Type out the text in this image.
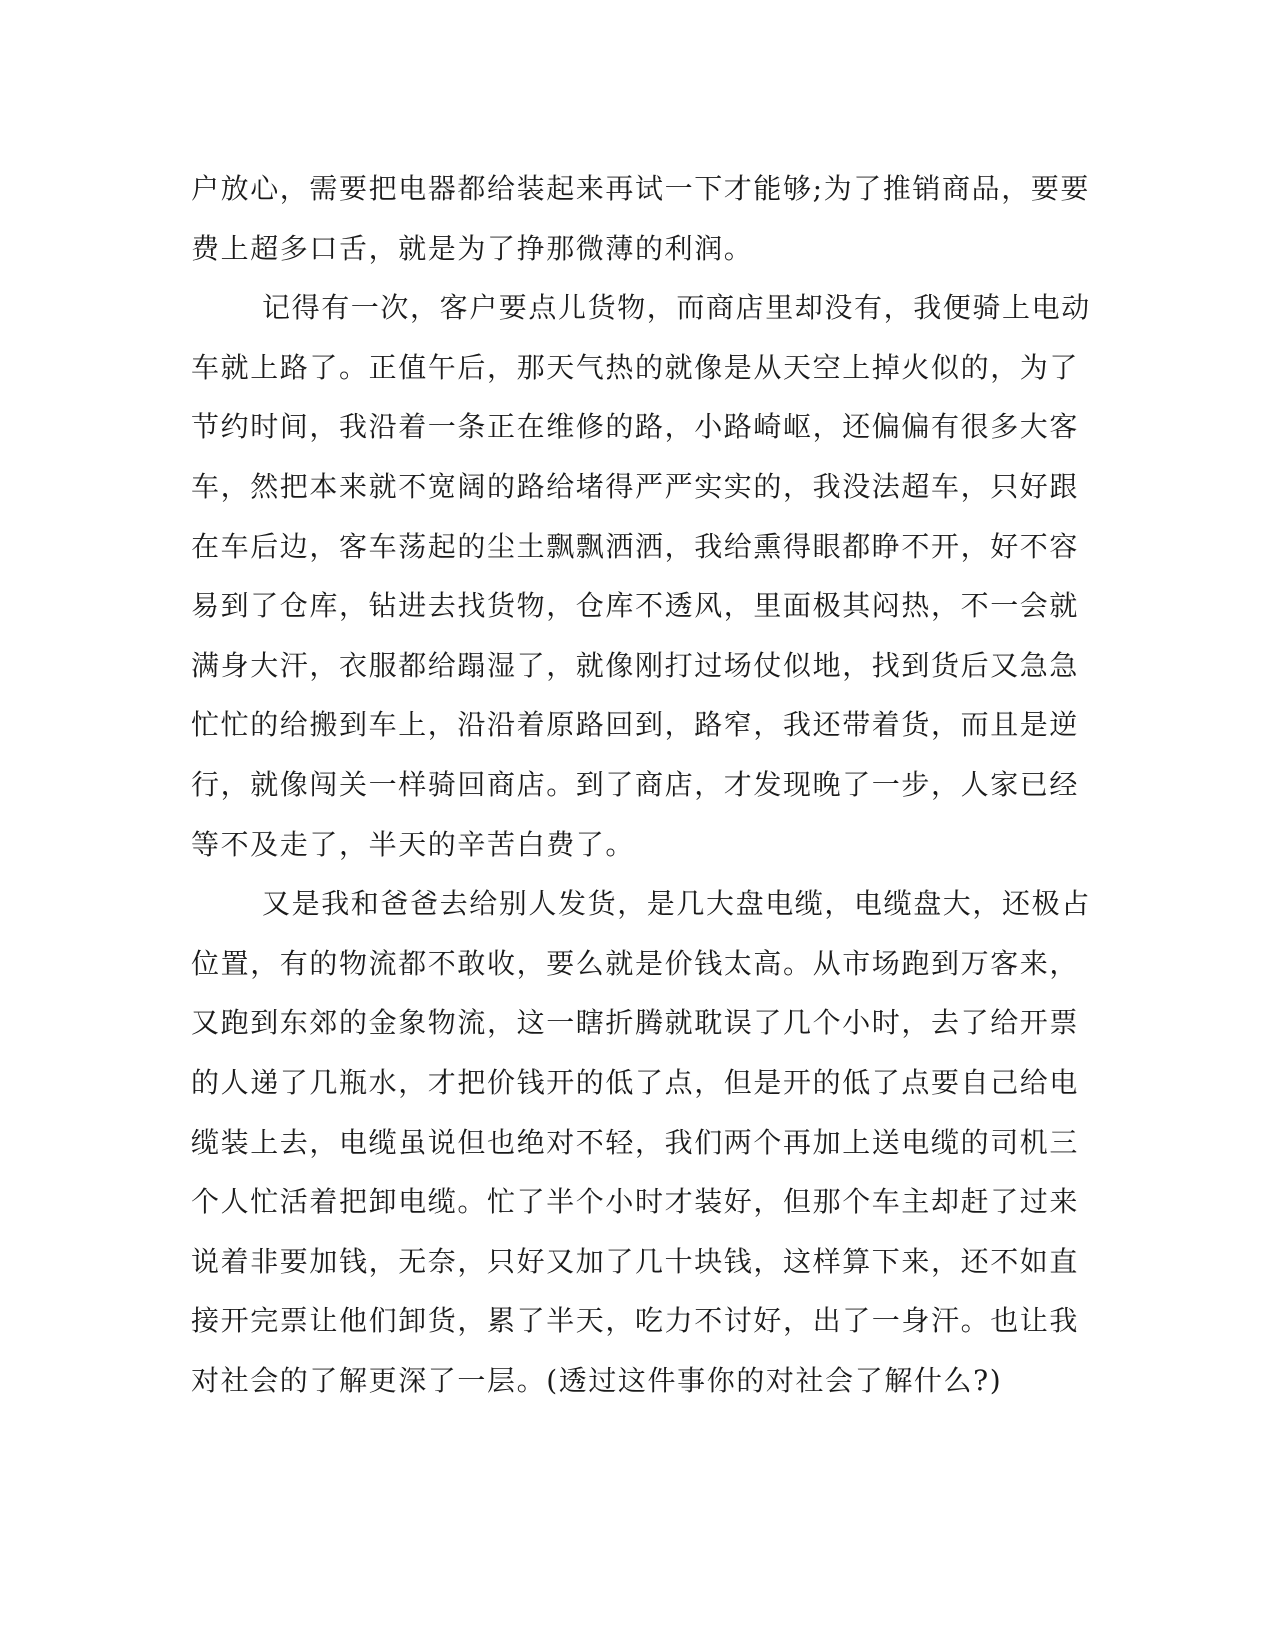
户放心，需要把电器都给装起来再试一下才能够;为了推销商品，要要
费上超多口舌，就是为了挣那微薄的利润。
记得有一次，客户要点儿货物，而商店里却没有，我便骑上电动
车就上路了。正值午后，那天气热的就像是从天空上掉火似的，为了
节约时间，我沿着一条正在维修的路，小路崎岖，还偏偏有很多大客
车，然把本来就不宽阔的路给堵得严严实实的，我没法超车，只好跟
在车后边，客车荡起的尘土飘飘洒洒，我给熏得眼都睁不开，好不容
易到了仓库，钻进去找货物，仓库不透风，里面极其闷热，不一会就
满身大汗，衣服都给蹋湿了，就像刚打过场仗似地，找到货后又急急
忙忙的给搬到车上，沿沿着原路回到，路窄，我还带着货，而且是逆
行，就像闯关一样骑回商店。到了商店，才发现晚了一步，人家已经
等不及走了，半天的辛苦白费了。
又是我和爸爸去给别人发货，是几大盘电缆，电缆盘大，还极占
位置，有的物流都不敢收，要么就是价钱太高。从市场跑到万客来，
又跑到东郊的金象物流，这一瞎折腾就耽误了几个小时，去了给开票
的人递了几瓶水，才把价钱开的低了点，但是开的低了点要自己给电
缆装上去，电缆虽说但也绝对不轻，我们两个再加上送电缆的司机三
个人忙活着把卸电缆。忙了半个小时才装好，但那个车主却赶了过来
说着非要加钱，无奈，只好又加了几十块钱，这样算下来，还不如直
接开完票让他们卸货，累了半天，吃力不讨好，出了一身汗。也让我
对社会的了解更深了一层。(透过这件事你的对社会了解什么?)
